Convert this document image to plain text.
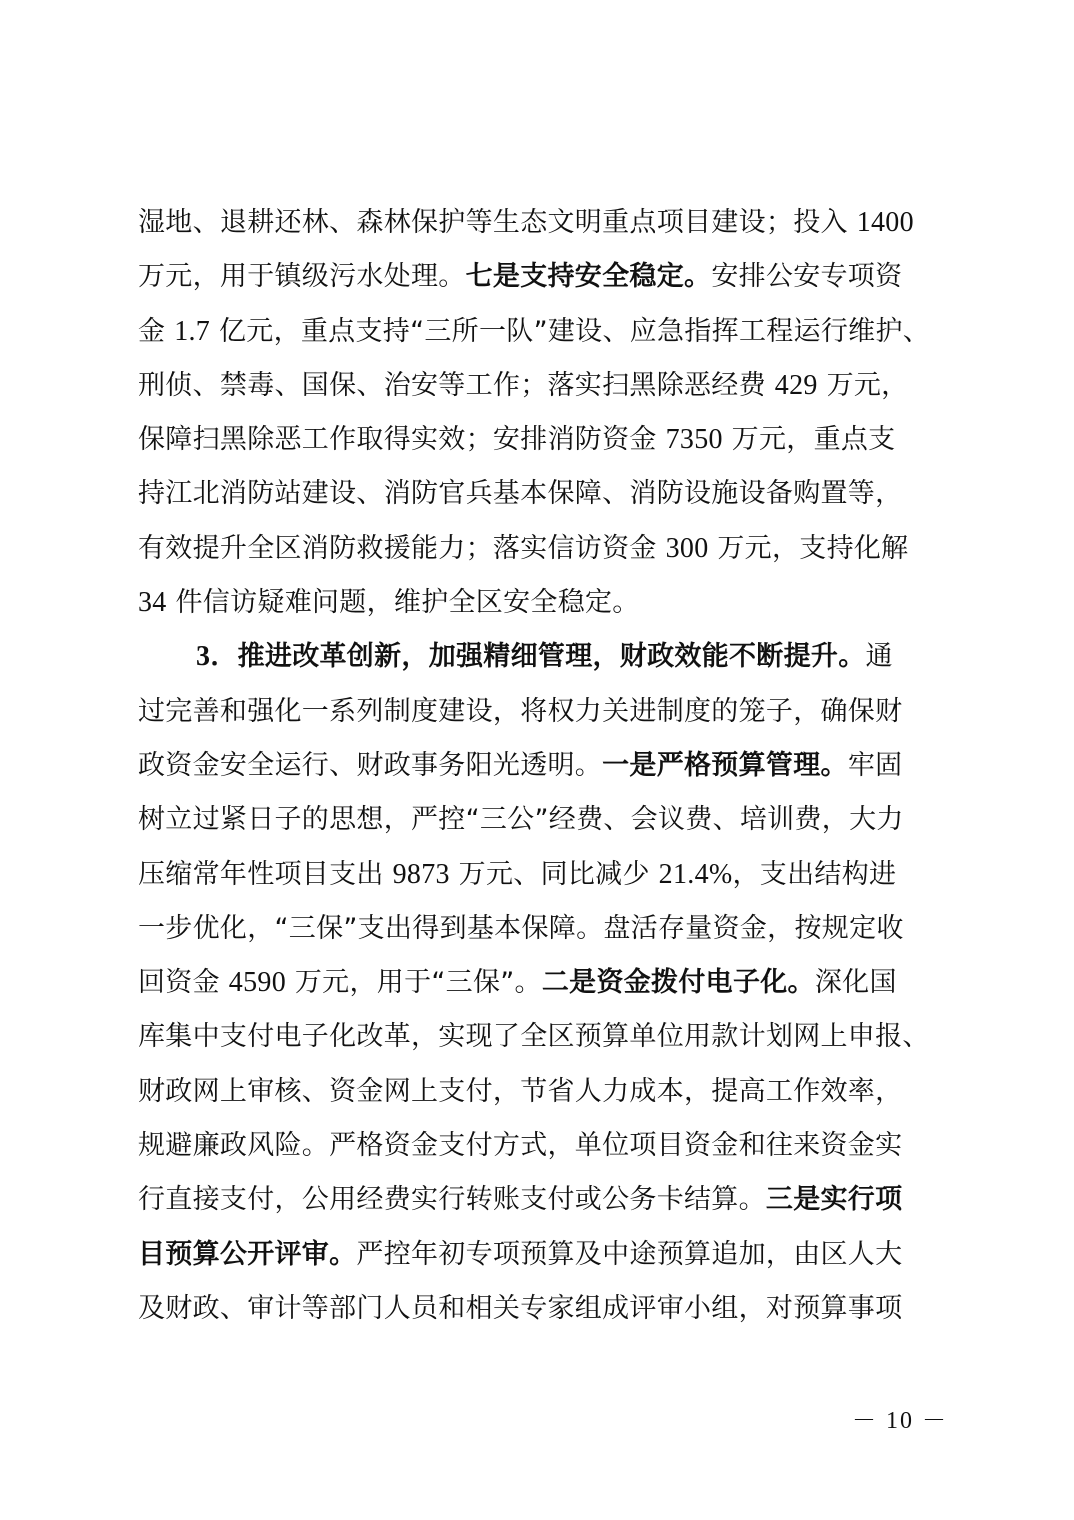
湿地、退耕还林、森林保护等生态文明重点项目建设；投入 1400
万元，用于镇级污水处理。七是支持安全稳定。安排公安专项资
金 1.7 亿元，重点支持“三所一队”建设、应急指挥工程运行维护、
刑侦、禁毒、国保、治安等工作；落实扫黑除恶经费 429 万元，
保障扫黑除恶工作取得实效；安排消防资金 7350 万元，重点支
持江北消防站建设、消防官兵基本保障、消防设施设备购置等，
有效提升全区消防救援能力；落实信访资金 300 万元，支持化解
34 件信访疑难问题，维护全区安全稳定。
3．推进改革创新，加强精细管理，财政效能不断提升。通
过完善和强化一系列制度建设，将权力关进制度的笼子，确保财
政资金安全运行、财政事务阳光透明。一是严格预算管理。牢固
树立过紧日子的思想，严控“三公”经费、会议费、培训费，大力
压缩常年性项目支出 9873 万元、同比减少 21.4%，支出结构进
一步优化，“三保”支出得到基本保障。盘活存量资金，按规定收
回资金 4590 万元，用于“三保”。二是资金拨付电子化。深化国
库集中支付电子化改革，实现了全区预算单位用款计划网上申报、
财政网上审核、资金网上支付，节省人力成本，提高工作效率，
规避廉政风险。严格资金支付方式，单位项目资金和往来资金实
行直接支付，公用经费实行转账支付或公务卡结算。三是实行项
目预算公开评审。严控年初专项预算及中途预算追加，由区人大
及财政、审计等部门人员和相关专家组成评审小组，对预算事项
－ 10 －
